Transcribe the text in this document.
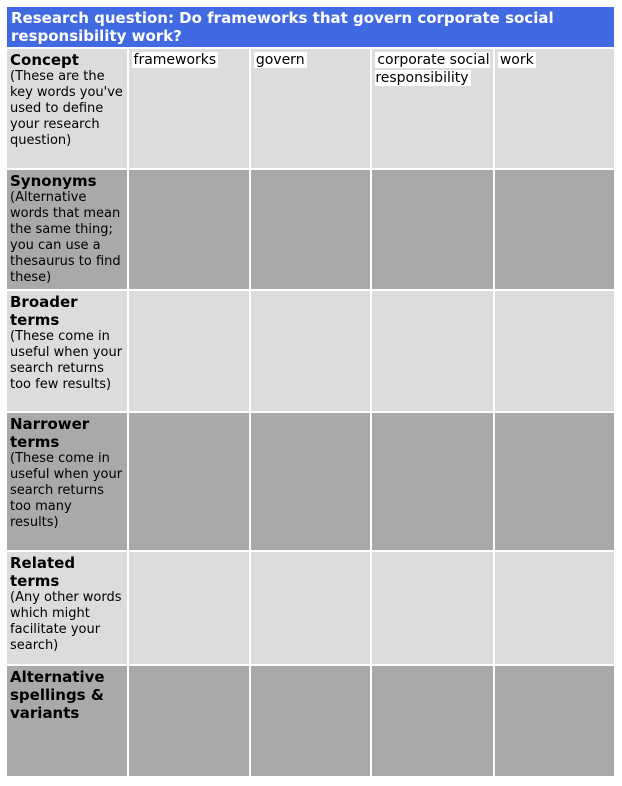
Research question: Do frameworks that govern corporate social responsibility work?
Concept
(These are the key words you've used to define your research question)	frameworks	govern	corporate social responsibility	work

Synonyms
(Alternative words that mean the same thing; you can use a thesaurus to find these)				

Broader terms
(These come in useful when your search returns too few results)				

Narrower terms
(These come in useful when your search returns too many results)				

Related terms
(Any other words which might facilitate your search)				

Alternative spellings & variants				
